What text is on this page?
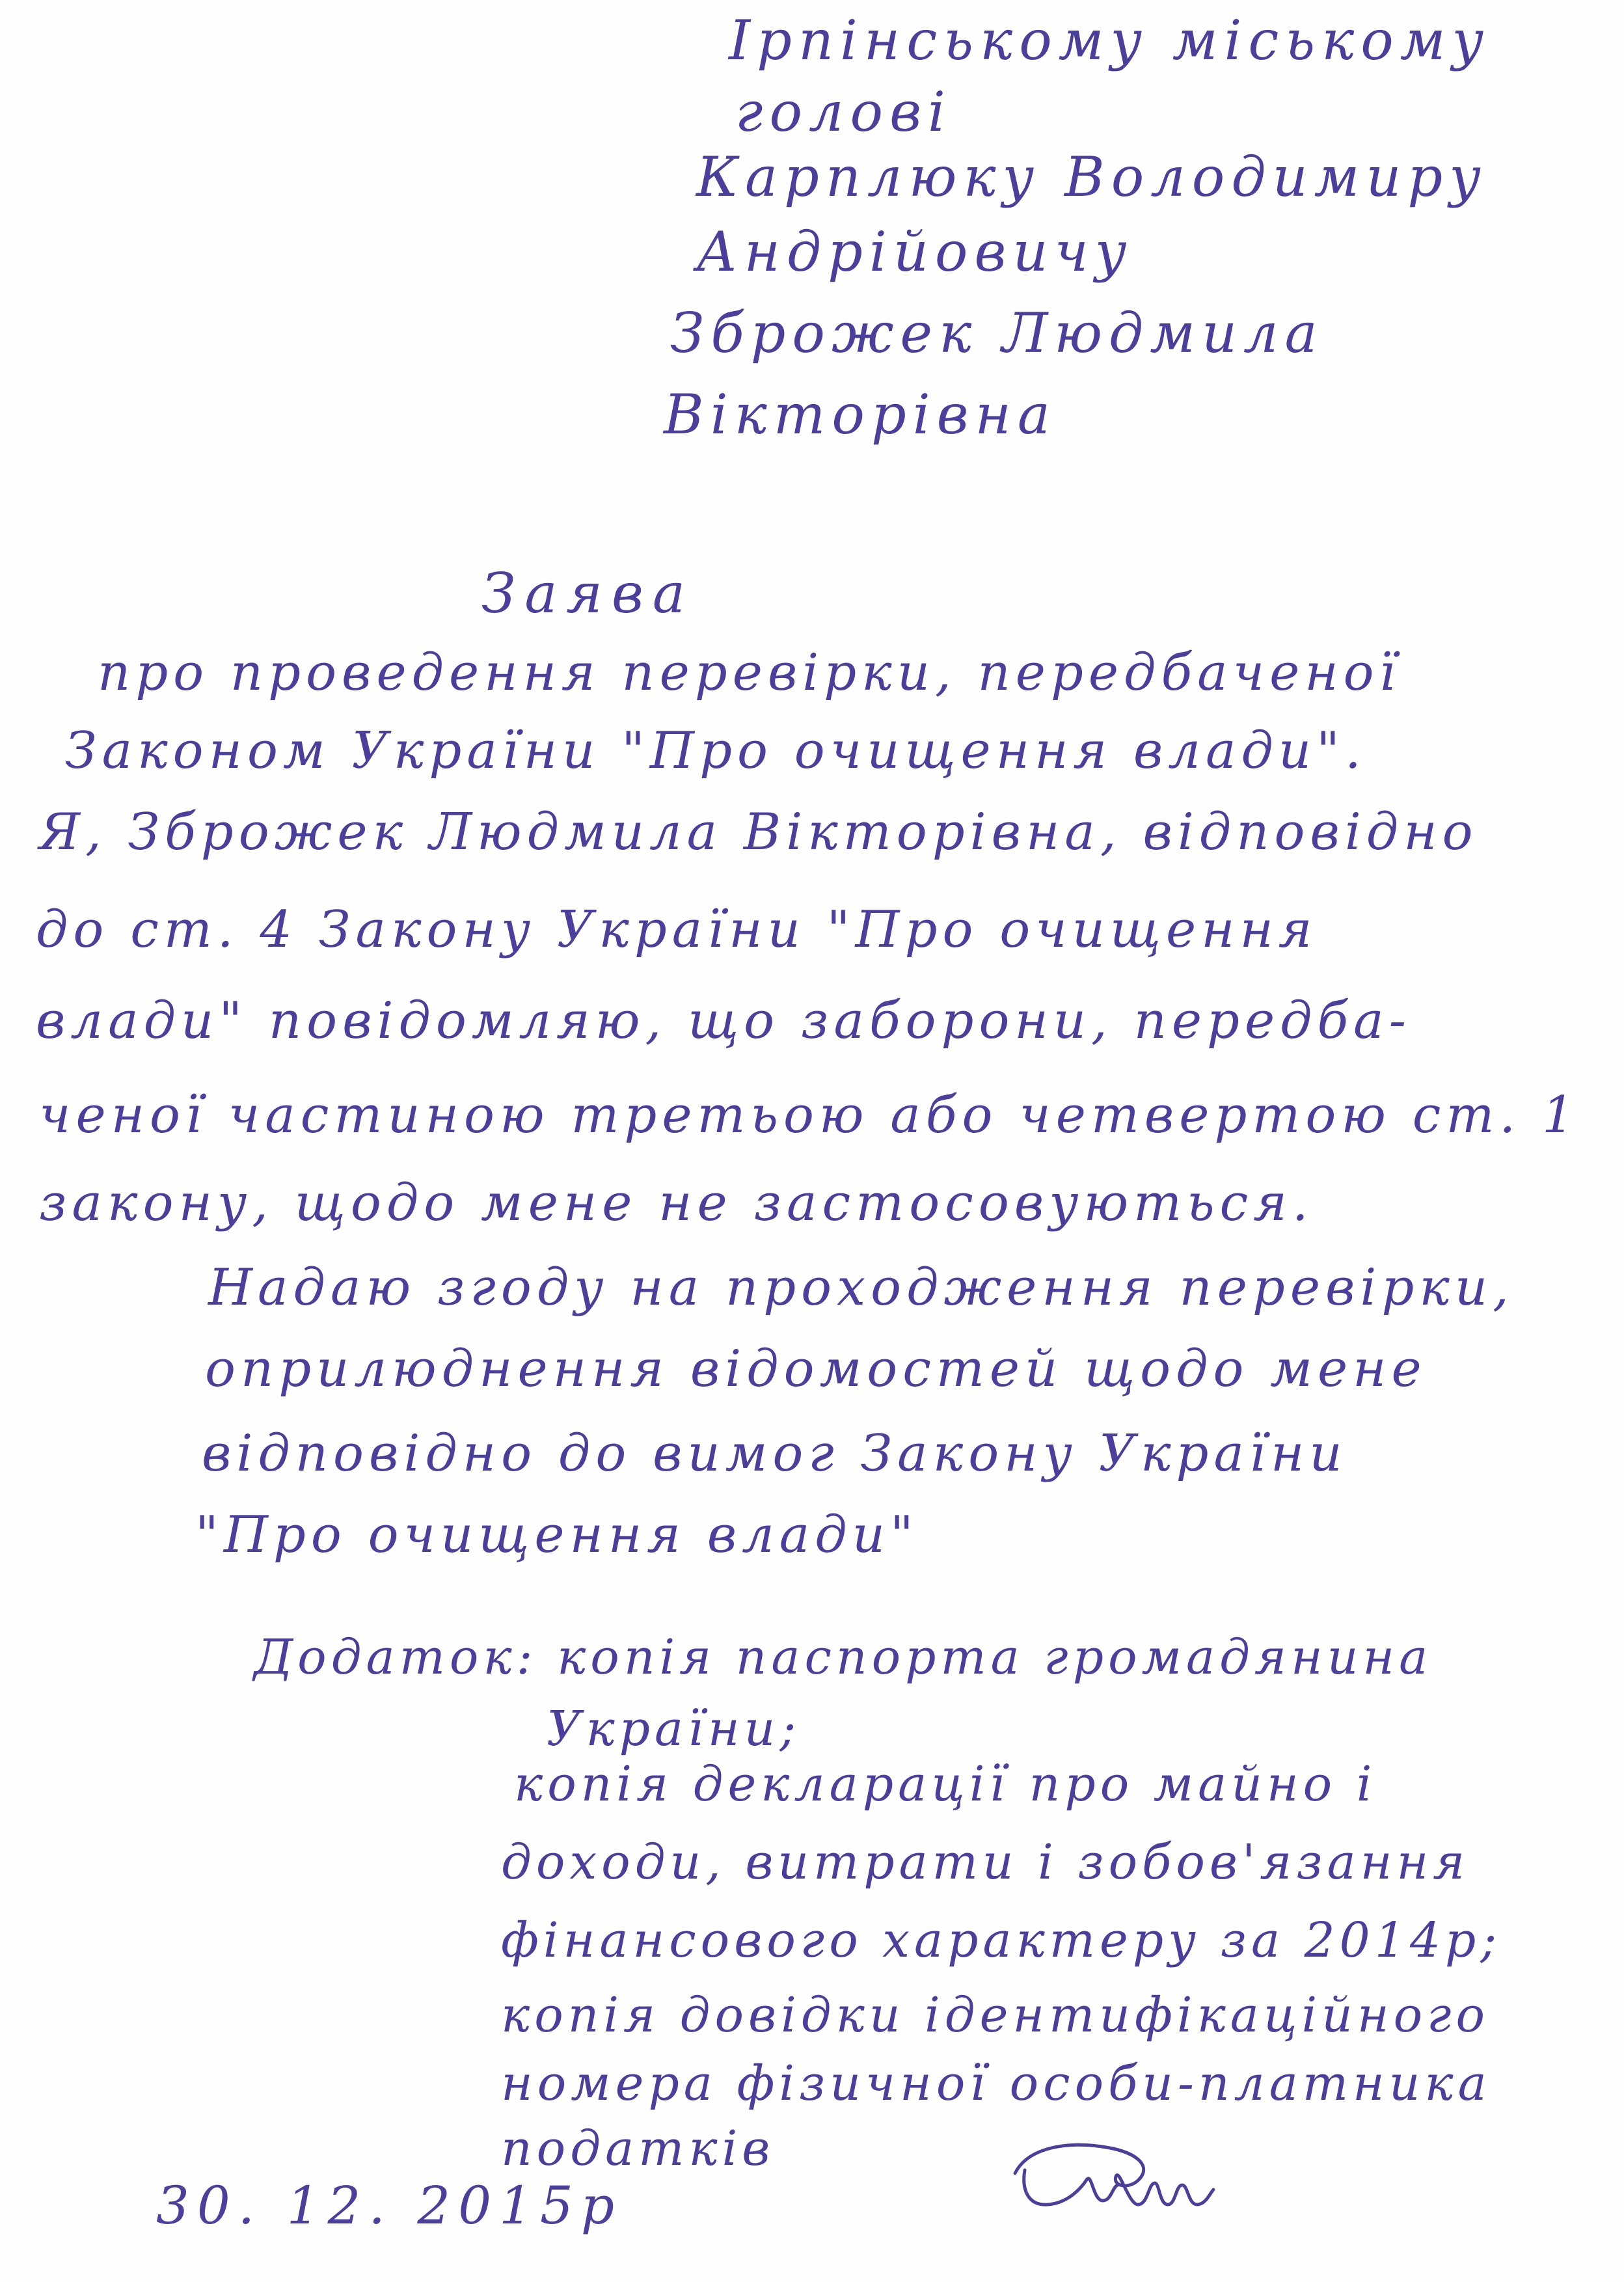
Ірпінському міському
голові
Карплюку Володимиру
Андрійовичу
Зброжек Людмила
Вікторівна
Заява
про проведення перевірки, передбаченої
Законом України "Про очищення влади".
Я, Зброжек Людмила Вікторівна, відповідно
до ст. 4 Закону України "Про очищення
влади" повідомляю, що заборони, передба-
ченої частиною третьою або четвертою ст. 1
закону, щодо мене не застосовуються.
Надаю згоду на проходження перевірки,
оприлюднення відомостей щодо мене
відповідно до вимог Закону України
"Про очищення влади"
Додаток: копія паспорта громадянина
України;
копія декларації про майно і
доходи, витрати і зобов'язання
фінансового характеру за 2014р;
копія довідки ідентифікаційного
номера фізичної особи-платника
податків
30. 12. 2015р
